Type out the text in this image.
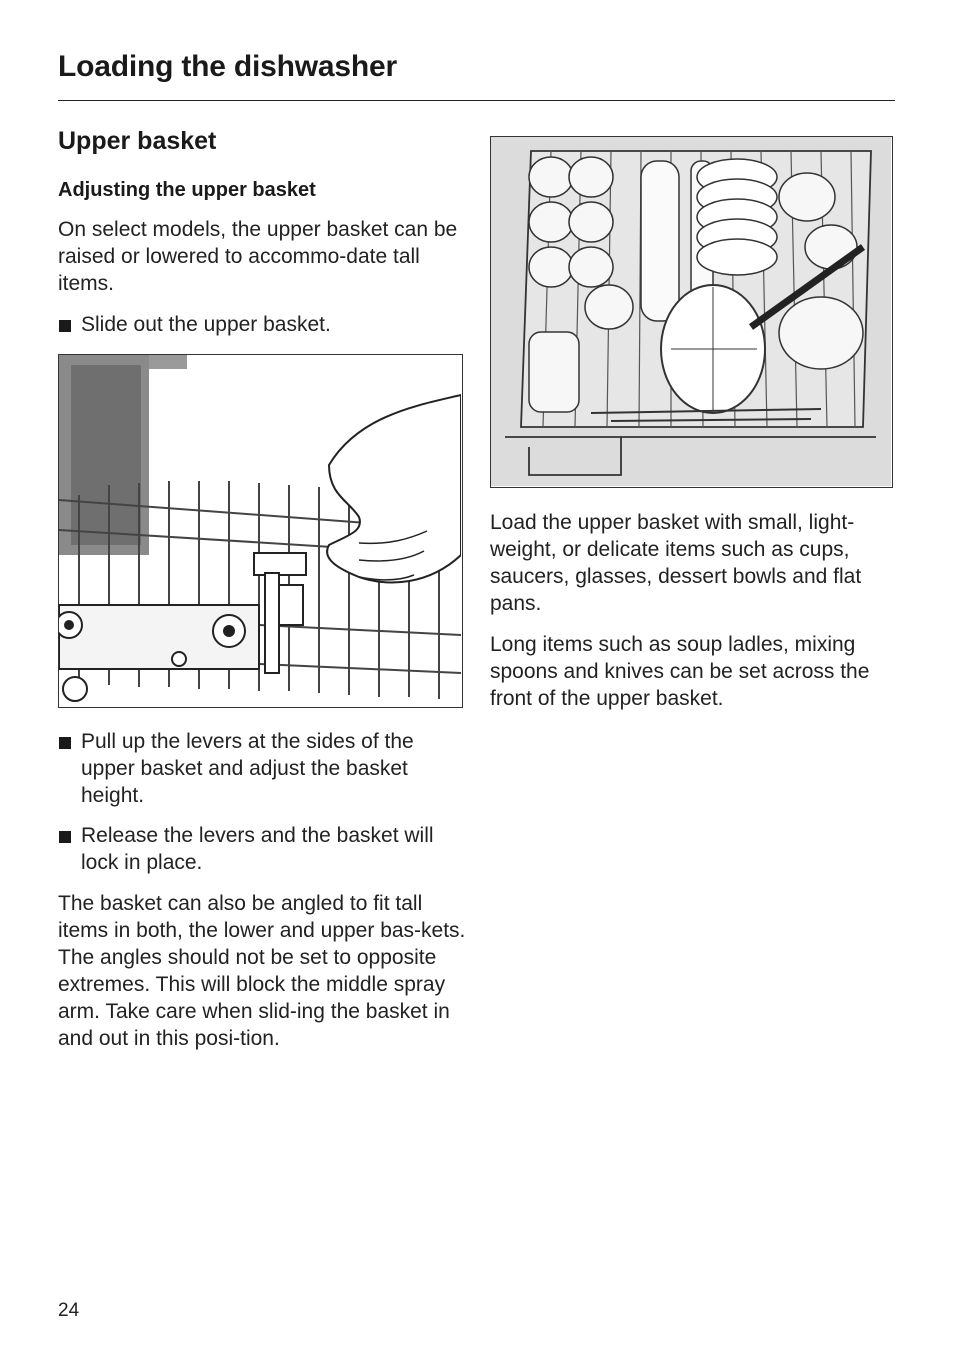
Loading the dishwasher
Upper basket
Adjusting the upper basket

On select models, the upper basket can be raised or lowered to accommo-date tall items.

Slide out the upper basket.
Pull up the levers at the sides of the upper basket and adjust the basket height.
Release the levers and the basket will lock in place.

The basket can also be angled to fit tall items in both, the lower and upper bas-kets. The angles should not be set to opposite extremes. This will block the middle spray arm. Take care when slid-ing the basket in and out in this posi-tion.

Load the upper basket with small, light-weight, or delicate items such as cups, saucers, glasses, dessert bowls and flat pans.

Long items such as soup ladles, mixing spoons and knives can be set across the front of the upper basket.

24
